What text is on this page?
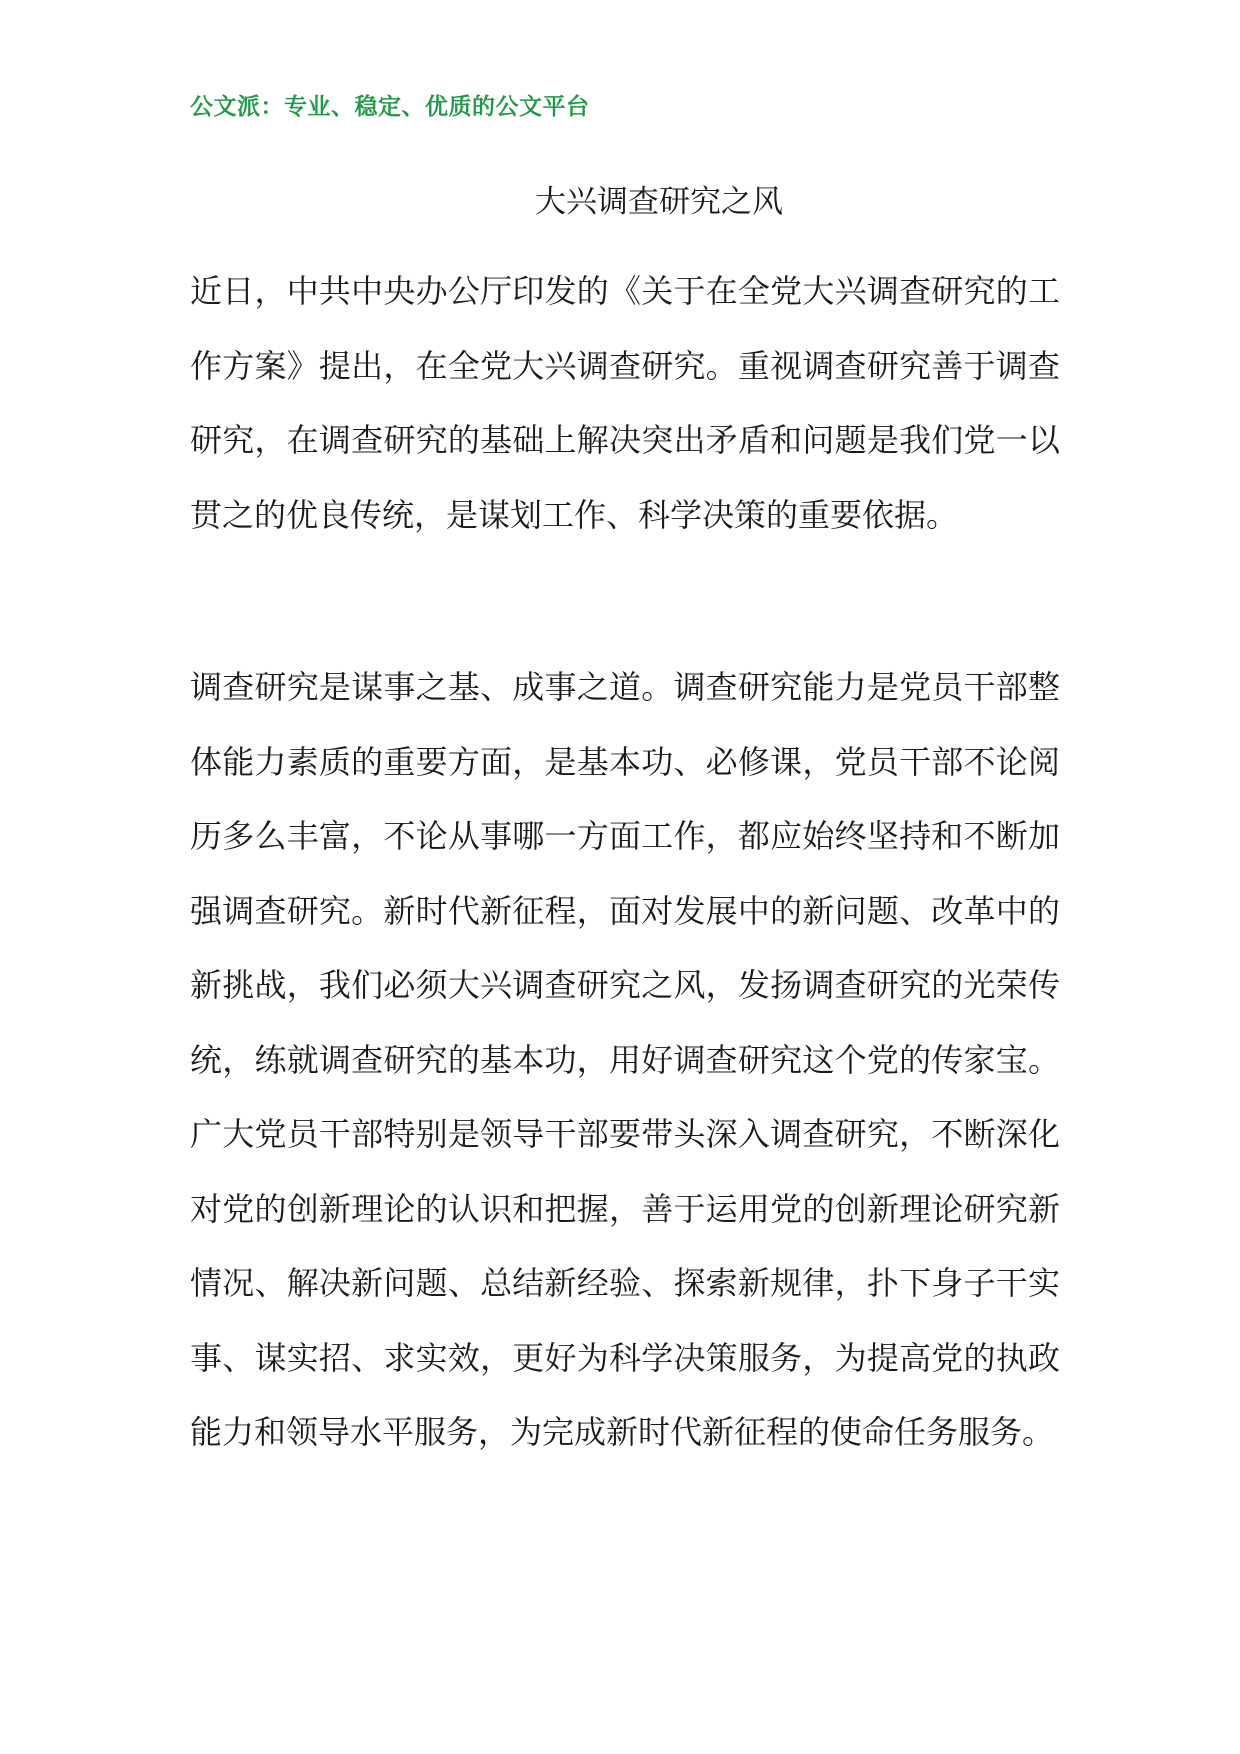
公文派：专业、稳定、优质的公文平台
大兴调查研究之风

近日，中共中央办公厅印发的《关于在全党大兴调查研究的工作方案》提出，在全党大兴调查研究。重视调查研究善于调查研究，在调查研究的基础上解决突出矛盾和问题是我们党一以贯之的优良传统，是谋划工作、科学决策的重要依据。

调查研究是谋事之基、成事之道。调查研究能力是党员干部整体能力素质的重要方面，是基本功、必修课，党员干部不论阅历多么丰富，不论从事哪一方面工作，都应始终坚持和不断加强调查研究。新时代新征程，面对发展中的新问题、改革中的新挑战，我们必须大兴调查研究之风，发扬调查研究的光荣传统，练就调查研究的基本功，用好调查研究这个党的传家宝。广大党员干部特别是领导干部要带头深入调查研究，不断深化对党的创新理论的认识和把握，善于运用党的创新理论研究新情况、解决新问题、总结新经验、探索新规律，扑下身子干实事、谋实招、求实效，更好为科学决策服务，为提高党的执政能力和领导水平服务，为完成新时代新征程的使命任务服务。
